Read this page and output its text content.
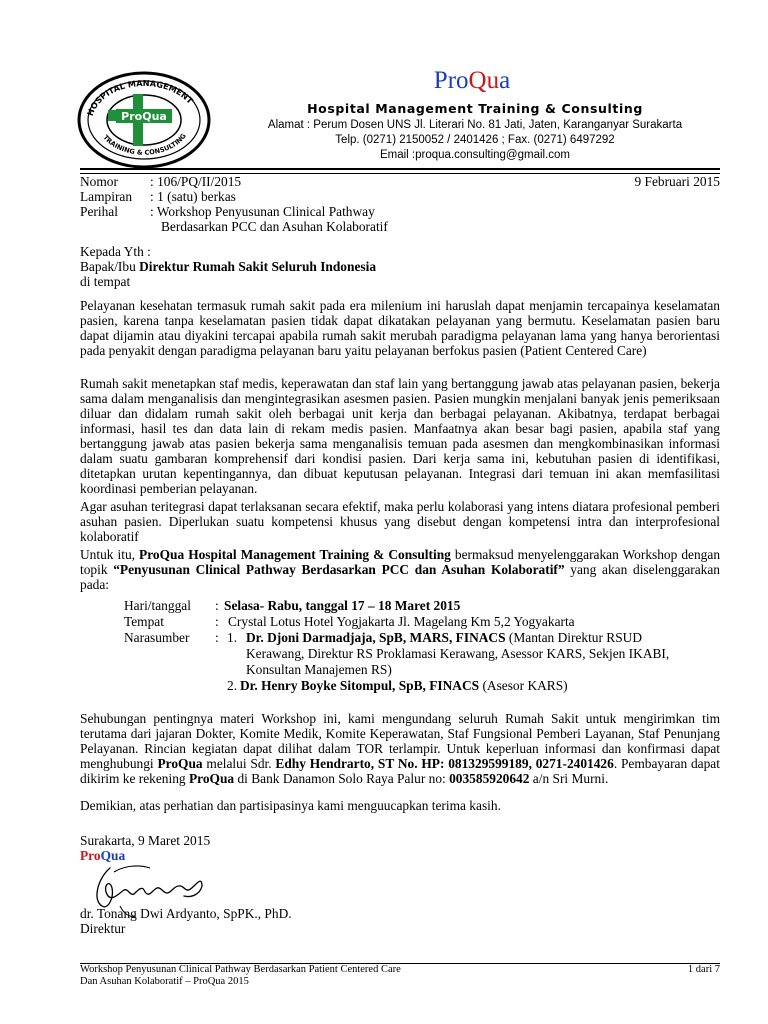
HOSPITAL MANAGEMENT
TRAINING & CONSULTING
ProQua
ProQua
Hospital Management Training & Consulting
Alamat : Perum Dosen UNS Jl. Literari No. 81 Jati, Jaten, Karanganyar Surakarta
Telp. (0271) 2150052 / 2401426 ; Fax. (0271) 6497292
Email :proqua.consulting@gmail.com
Nomor : 106/PQ/II/2015	9 Februari 2015
Lampiran : 1 (satu) berkas
Perihal : Workshop Penyusunan Clinical Pathway
Berdasarkan PCC dan Asuhan Kolaboratif
Kepada Yth :
Bapak/Ibu Direktur Rumah Sakit Seluruh Indonesia
di tempat
Pelayanan kesehatan termasuk rumah sakit pada era milenium ini haruslah dapat menjamin tercapainya keselamatan pasien, karena tanpa keselamatan pasien tidak dapat dikatakan pelayanan yang bermutu. Keselamatan pasien baru dapat dijamin atau diyakini tercapai apabila rumah sakit merubah paradigma pelayanan lama yang hanya berorientasi pada penyakit dengan paradigma pelayanan baru yaitu pelayanan berfokus pasien (Patient Centered Care)
Rumah sakit menetapkan staf medis, keperawatan dan staf lain yang bertanggung jawab atas pelayanan pasien, bekerja sama dalam menganalisis dan mengintegrasikan asesmen pasien. Pasien mungkin menjalani banyak jenis pemeriksaan diluar dan didalam rumah sakit oleh berbagai unit kerja dan berbagai pelayanan. Akibatnya, terdapat berbagai informasi, hasil tes dan data lain di rekam medis pasien. Manfaatnya akan besar bagi pasien, apabila staf yang bertanggung jawab atas pasien bekerja sama menganalisis temuan pada asesmen dan mengkombinasikan informasi dalam suatu gambaran komprehensif dari kondisi pasien. Dari kerja sama ini, kebutuhan pasien di identifikasi, ditetapkan urutan kepentingannya, dan dibuat keputusan pelayanan. Integrasi dari temuan ini akan memfasilitasi koordinasi pemberian pelayanan.
Agar asuhan teritegrasi dapat terlaksanan secara efektif, maka perlu kolaborasi yang intens diatara profesional pemberi asuhan pasien. Diperlukan suatu kompetensi khusus yang disebut dengan kompetensi intra dan interprofesional kolaboratif
Untuk itu, ProQua Hospital Management Training & Consulting bermaksud menyelenggarakan Workshop dengan topik “Penyusunan Clinical Pathway Berdasarkan PCC dan Asuhan Kolaboratif” yang akan diselenggarakan pada:
Hari/tanggal : Selasa- Rabu, tanggal 17 – 18 Maret 2015
Tempat	: Crystal Lotus Hotel Yogjakarta Jl. Magelang Km 5,2 Yogyakarta
Narasumber : 1. Dr. Djoni Darmadjaja, SpB, MARS, FINACS (Mantan Direktur RSUD
Kerawang, Direktur RS Proklamasi Kerawang, Asessor KARS, Sekjen IKABI,
Konsultan Manajemen RS)
2. Dr. Henry Boyke Sitompul, SpB, FINACS (Asesor KARS)
Sehubungan pentingnya materi Workshop ini, kami mengundang seluruh Rumah Sakit untuk mengirimkan tim terutama dari jajaran Dokter, Komite Medik, Komite Keperawatan, Staf Fungsional Pemberi Layanan, Staf Penunjang Pelayanan. Rincian kegiatan dapat dilihat dalam TOR terlampir. Untuk keperluan informasi dan konfirmasi dapat menghubungi ProQua melalui Sdr. Edhy Hendrarto, ST No. HP: 081329599189, 0271-2401426. Pembayaran dapat dikirim ke rekening ProQua di Bank Danamon Solo Raya Palur no: 003585920642 a/n Sri Murni.
Demikian, atas perhatian dan partisipasinya kami menguucapkan terima kasih.
Surakarta, 9 Maret 2015
ProQua
dr. Tonang Dwi Ardyanto, SpPK., PhD.
Direktur
Workshop Penyusunan Clinical Pathway Berdasarkan Patient Centered Care
Dan Asuhan Kolaboratif – ProQua 2015
1 dari 7
